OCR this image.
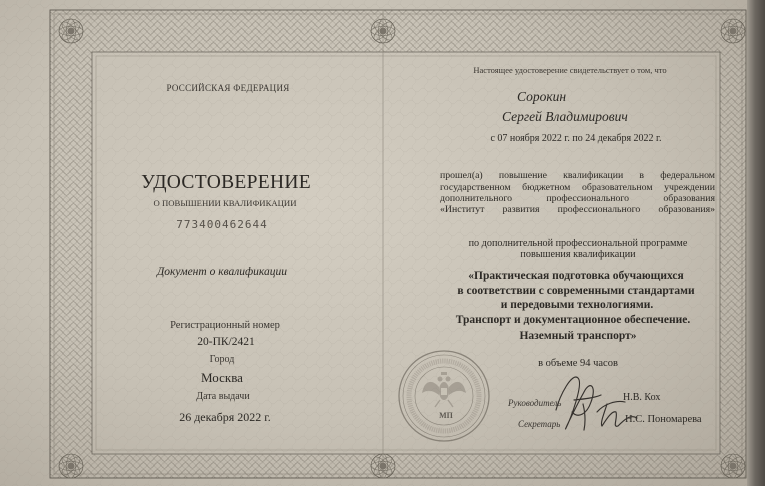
РОССИЙСКАЯ ФЕДЕРАЦИЯ
УДОСТОВЕРЕНИЕ
О ПОВЫШЕНИИ КВАЛИФИКАЦИИ
773400462644
Документ о квалификации
Регистрационный номер
20-ПК/2421
Город
Москва
Дата выдачи
26 декабря 2022 г.	МП
Настоящее удостоверение свидетельствует о том, что
Сорокин
Сергей Владимирович
с 07 ноября 2022 г. по 24 декабря 2022 г.
прошел(а) повышение квалификации в федеральном
государственном бюджетном образовательном учреждении
дополнительного профессионального образования
«Институт развития профессионального образования»
по дополнительной профессиональной программе
повышения квалификации
«Практическая подготовка обучающихся
в соответствии с современными стандартами
и передовыми технологиями.
Транспорт и документационное обеспечение.
Наземный транспорт»
в объеме 94 часов
Руководитель
Секретарь
Н.В. Кох
Н.С. Пономарева
